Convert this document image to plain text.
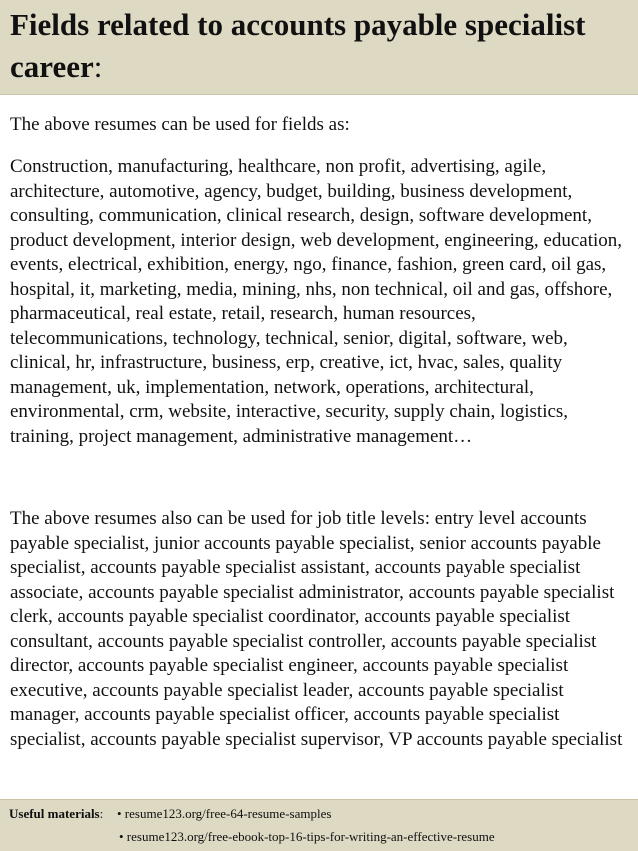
Fields related to accounts payable specialist career:

The above resumes can be used for fields as:

Construction, manufacturing, healthcare, non profit, advertising, agile, architecture, automotive, agency, budget, building, business development, consulting, communication, clinical research, design, software development, product development, interior design, web development, engineering, education, events, electrical, exhibition, energy, ngo, finance, fashion, green card, oil gas, hospital, it, marketing, media, mining, nhs, non technical, oil and gas, offshore, pharmaceutical, real estate, retail, research, human resources, telecommunications, technology, technical, senior, digital, software, web, clinical, hr, infrastructure, business, erp, creative, ict, hvac, sales, quality management, uk, implementation, network, operations, architectural, environmental, crm, website, interactive, security, supply chain, logistics, training, project management, administrative management…

The above resumes also can be used for job title levels: entry level accounts payable specialist, junior accounts payable specialist, senior accounts payable specialist, accounts payable specialist assistant, accounts payable specialist associate, accounts payable specialist administrator, accounts payable specialist clerk, accounts payable specialist coordinator, accounts payable specialist consultant, accounts payable specialist controller, accounts payable specialist director, accounts payable specialist engineer, accounts payable specialist executive, accounts payable specialist leader, accounts payable specialist manager, accounts payable specialist officer, accounts payable specialist specialist, accounts payable specialist supervisor, VP accounts payable specialist

Useful materials: • resume123.org/free-64-resume-samples
• resume123.org/free-ebook-top-16-tips-for-writing-an-effective-resume
